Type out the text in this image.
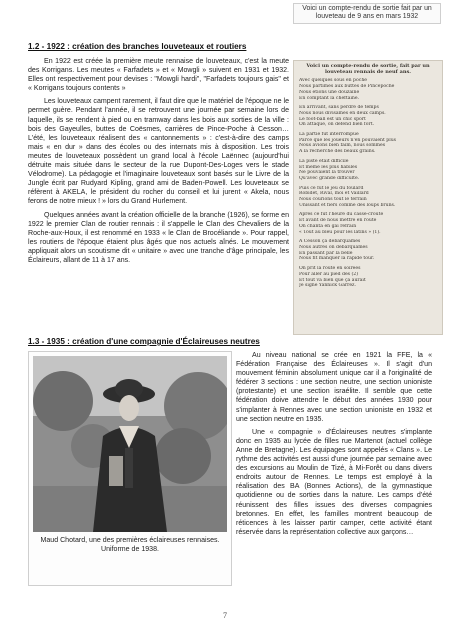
1.2 - 1922 : création des branches louveteaux et routiers

En 1922 est créée la première meute rennaise de louveteaux, c'est la meute des Korrigans. Les meutes « Farfadets » et « Mowgli » suivent en 1931 et 1932. Elles ont respectivement pour devises : "Mowgli hardi", "Farfadets toujours gais" et « Korrigans toujours contents »

Les louveteaux campent rarement, il faut dire que le matériel de l'époque ne le permet guère. Pendant l'année, il se retrouvent une journée par semaine lors de laquelle, ils se rendent à pied ou en tramway dans les bois aux sorties de la ville : bois des Gayeulles, buttes de Coësmes, carrières de Pince-Poche à Cesson… L'été, les louveteaux réalisent des « cantonnements » : c'est-à-dire des camps mais « en dur » dans des écoles ou des internats mis à disposition. Les trois meutes de louveteaux possèdent un grand local à l'école Laënnec (aujourd'hui détruite mais située dans le secteur de la rue Dupont-Des-Loges vers le stade Vélodrome). La pédagogie et l'imaginaire louveteaux sont basés sur le Livre de la Jungle écrit par Rudyard Kipling, grand ami de Baden-Powell. Les louveteaux se réfèrent à AKELA, le président du rocher du conseil et lui jurent « Akela, nous ferons de notre mieux ! » lors du Grand Hurlement.

Quelques années avant la création officielle de la branche (1926), se forme en 1922 le premier Clan de routier rennais : il s'appelle le Clan des Chevaliers de la Roche-aux-Houx, il est renommé en 1933 « le Clan de Brocéliande ». Pour rappel, les routiers de l'époque étaient plus âgés que nos actuels aînés. Le mouvement appliquait alors un scoutisme dit « unitaire » avec une tranche d'âge principale, les Éclaireurs, allant de 11 à 17 ans.

Voici un compte-rendu de sortie fait par un louveteau de 9 ans en mars 1932
Voici un compte-rendu de sortie, fait par un louveteau rennais de neuf ans.
Avec quelques sous en poche
Nous partîmes aux buttes de Pincepoche
Nous étions une douzaine
En comptant la cheftaine.
En arrivant, sans perdre de temps
Nous nous divisâmes en deux camps.
Le foot-ball est un chic sport
On attaque, on défend bien fort.
La partie fut interrompue
Parce que les joueurs n'en pouvaient plus
Nous avions bien faim, nous sommes
A la recherche des beaux grains.
La piste était difficile
Et même les plus habiles
Ne pouvaient la trouver
Qu'avec grande difficulté.
Puis ce fut le jeu du foulard
Robidet, Rival, moi et Vaillard
Nous courions tout le terrain
Unissant et fiers comme des loups bruns.
Après ce fut l'heure du casse-croûte
Et avant de nous mettre en route
On chanta en gai refrain
« Tout au bleu pour les latins » (1).
A Cesson ça débarquâmes
Nous autres on débarquâmes
En passant par là belle
Nous fit manquer la rapide tour.
On prit la route en soirées
Pour aller au pied des (2)
Et tout va bien que ça aurait
Je signe Yannick Garrez.
1.3 - 1935 : création d'une compagnie d'Éclaireuses neutres
Maud Chotard, une des premières éclaireuses rennaises. Uniforme de 1938.

Au niveau national se crée en 1921 la FFE, la « Fédération Française des Éclaireuses ». Il s'agit d'un mouvement féminin absolument unique car il a l'originalité de fédérer 3 sections : une section neutre, une section unioniste (protestante) et une section israélite. Il semble que cette fédération doive attendre le début des années 1930 pour s'implanter à Rennes avec une section unioniste en 1932 et une section neutre en 1935.

Une « compagnie » d'Éclaireuses neutres s'implante donc en 1935 au lycée de filles rue Martenot (actuel collège Anne de Bretagne). Les équipages sont appelés « Clans ». Le rythme des activités est aussi d'une journée par semaine avec des excursions au Moulin de Tizé, à Mi-Forêt ou dans divers endroits autour de Rennes. Le temps est employé à la réalisation des BA (Bonnes Actions), de la gymnastique quotidienne ou de sorties dans la nature. Les camps d'été réunissent des filles issues des diverses compagnies bretonnes. En effet, les familles montrent beaucoup de réticences à les laisser partir camper, cette activité étant réservée dans la représentation collective aux garçons…

7
